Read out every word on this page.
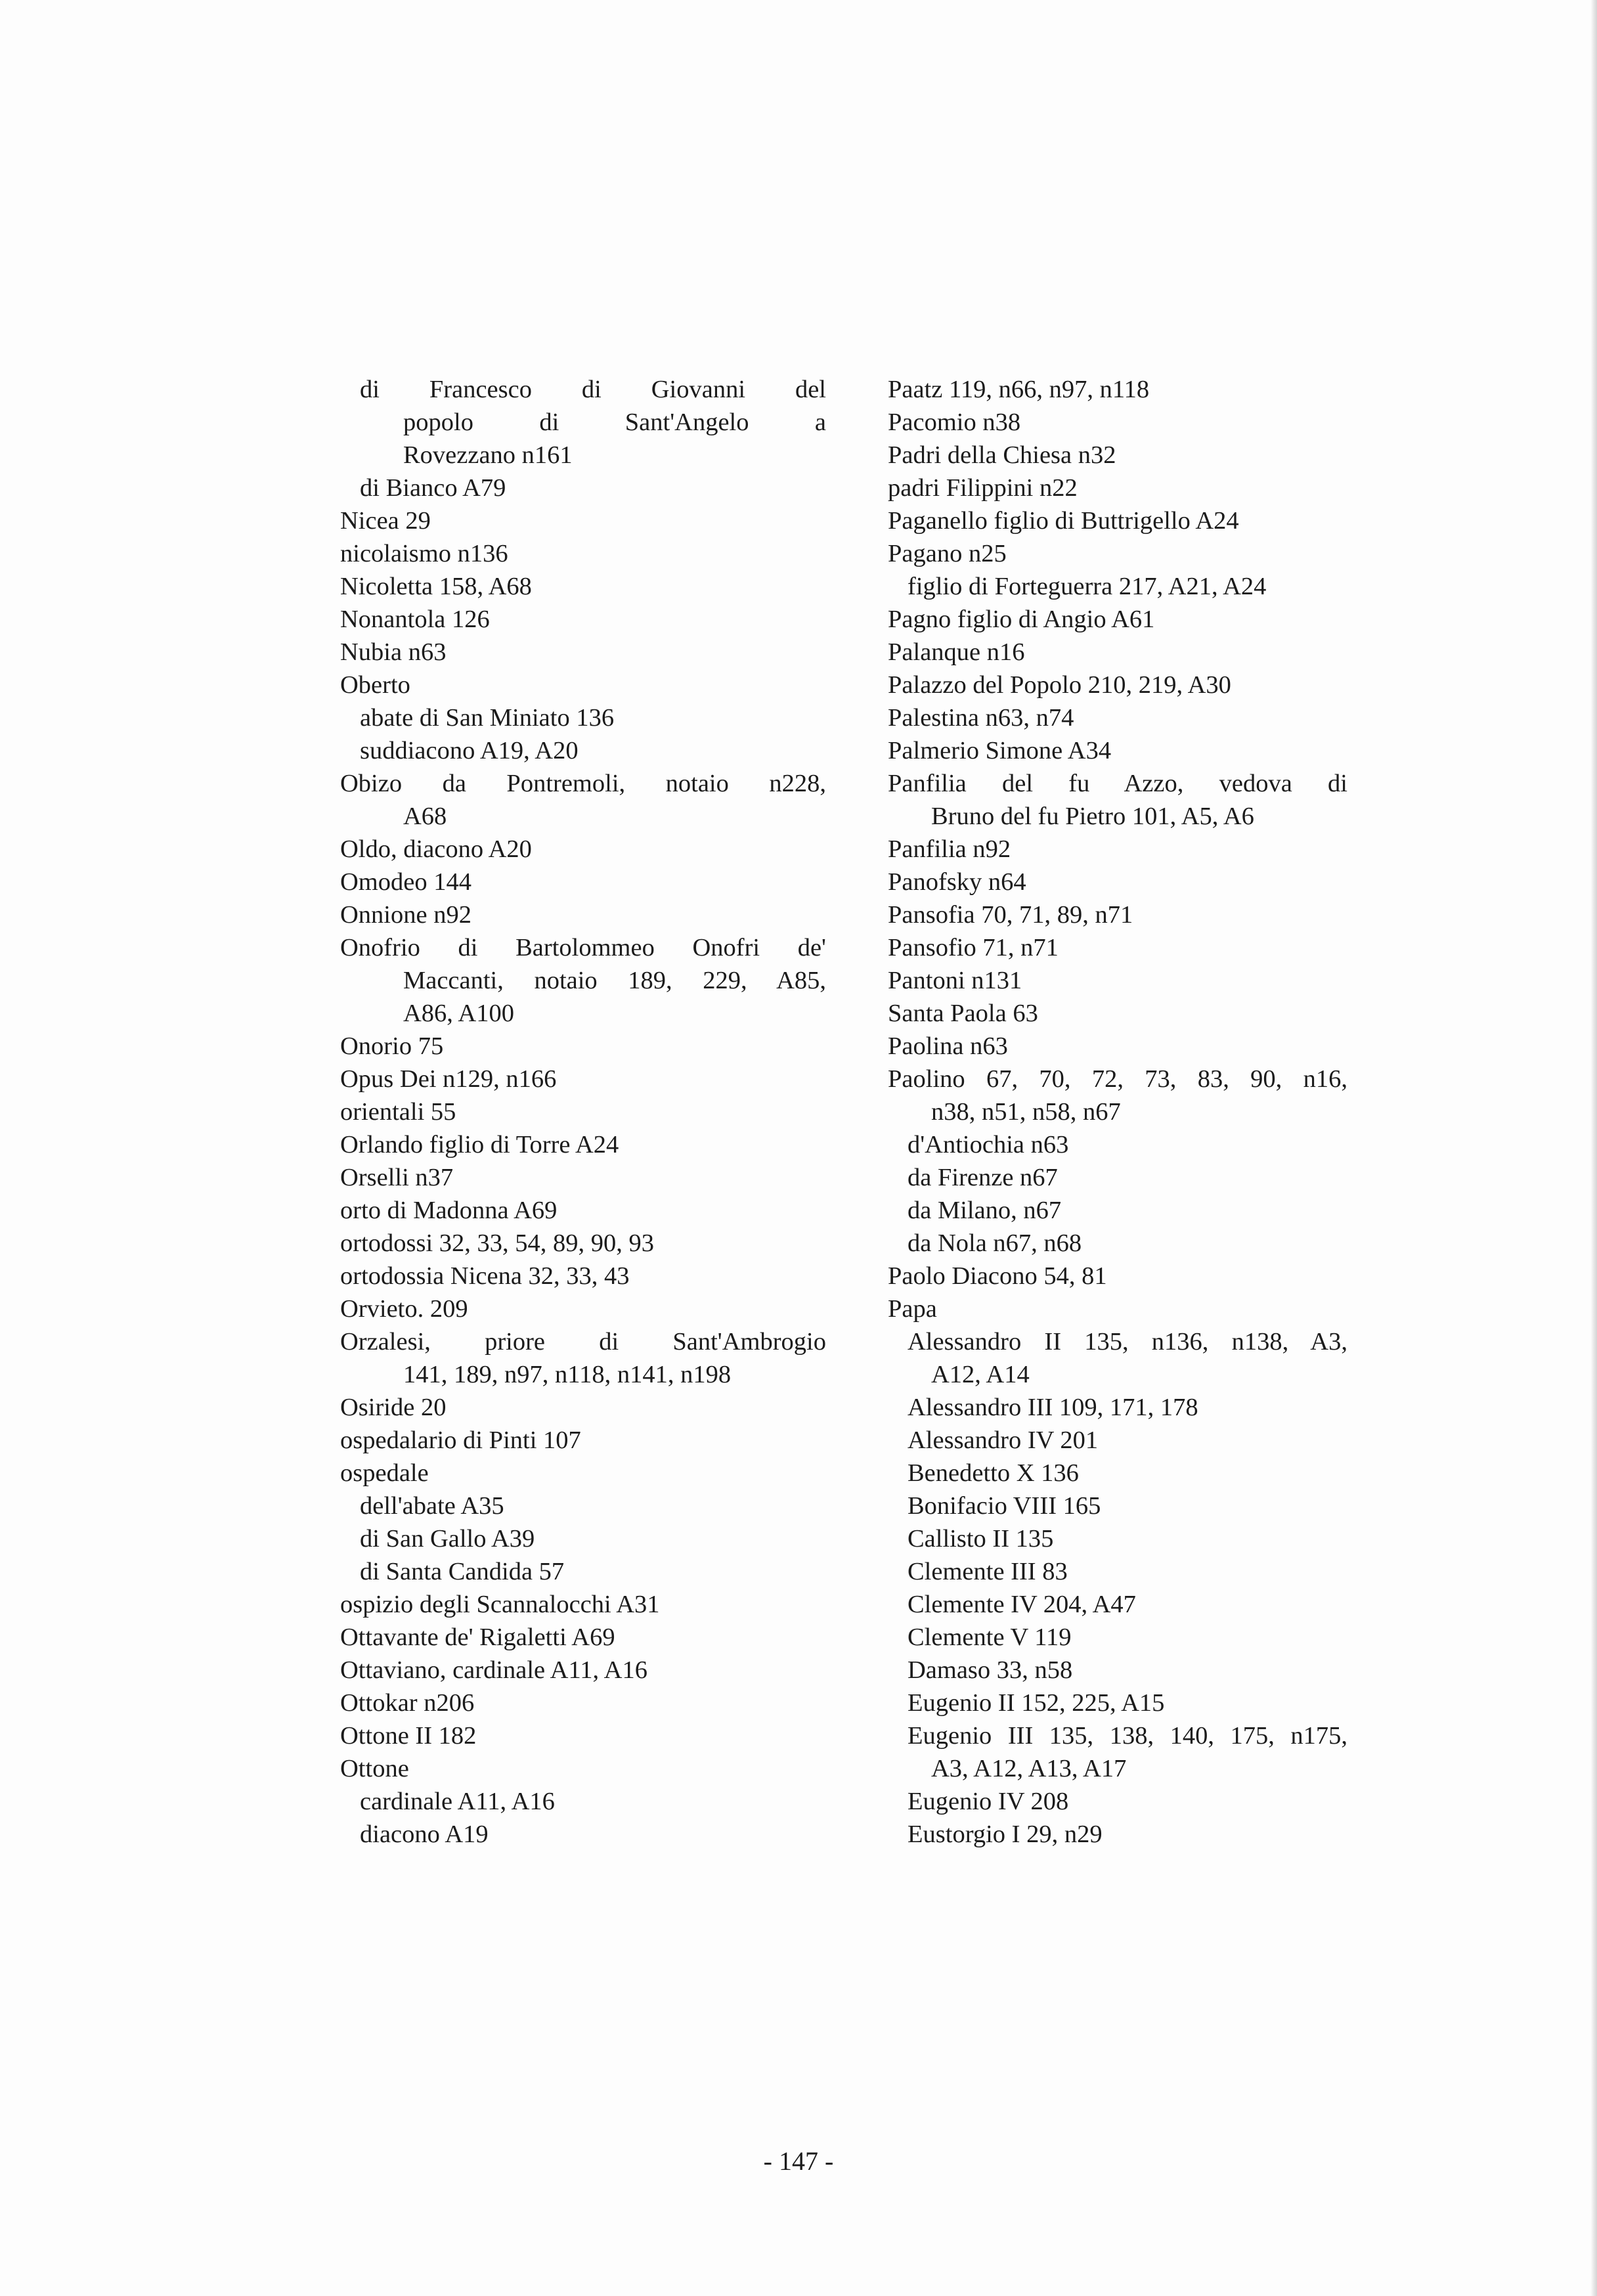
di Francesco di Giovanni del
popolo di Sant'Angelo a
Rovezzano n161
di Bianco A79
Nicea 29
nicolaismo n136
Nicoletta 158, A68
Nonantola 126
Nubia n63
Oberto
abate di San Miniato 136
suddiacono A19, A20
Obizo da Pontremoli, notaio n228,
A68
Oldo, diacono A20
Omodeo 144
Onnione n92
Onofrio di Bartolommeo Onofri de'
Maccanti, notaio 189, 229, A85,
A86, A100
Onorio 75
Opus Dei n129, n166
orientali 55
Orlando figlio di Torre A24
Orselli n37
orto di Madonna A69
ortodossi 32, 33, 54, 89, 90, 93
ortodossia Nicena 32, 33, 43
Orvieto. 209
Orzalesi, priore di Sant'Ambrogio
141, 189, n97, n118, n141, n198
Osiride 20
ospedalario di Pinti 107
ospedale
dell'abate A35
di San Gallo A39
di Santa Candida 57
ospizio degli Scannalocchi A31
Ottavante de' Rigaletti A69
Ottaviano, cardinale A11, A16
Ottokar n206
Ottone II 182
Ottone
cardinale A11, A16
diacono A19
Paatz 119, n66, n97, n118
Pacomio n38
Padri della Chiesa n32
padri Filippini n22
Paganello figlio di Buttrigello A24
Pagano n25
figlio di Forteguerra 217, A21, A24
Pagno figlio di Angio A61
Palanque n16
Palazzo del Popolo 210, 219, A30
Palestina n63, n74
Palmerio Simone A34
Panfilia del fu Azzo, vedova di
Bruno del fu Pietro 101, A5, A6
Panfilia n92
Panofsky n64
Pansofia 70, 71, 89, n71
Pansofio 71, n71
Pantoni n131
Santa Paola 63
Paolina n63
Paolino 67, 70, 72, 73, 83, 90, n16,
n38, n51, n58, n67
d'Antiochia n63
da Firenze n67
da Milano, n67
da Nola n67, n68
Paolo Diacono 54, 81
Papa
Alessandro II 135, n136, n138, A3,
A12, A14
Alessandro III 109, 171, 178
Alessandro IV 201
Benedetto X 136
Bonifacio VIII 165
Callisto II 135
Clemente III 83
Clemente IV 204, A47
Clemente V 119
Damaso 33, n58
Eugenio II 152, 225, A15
Eugenio III 135, 138, 140, 175, n175,
A3, A12, A13, A17
Eugenio IV 208
Eustorgio I 29, n29
- 147 -
